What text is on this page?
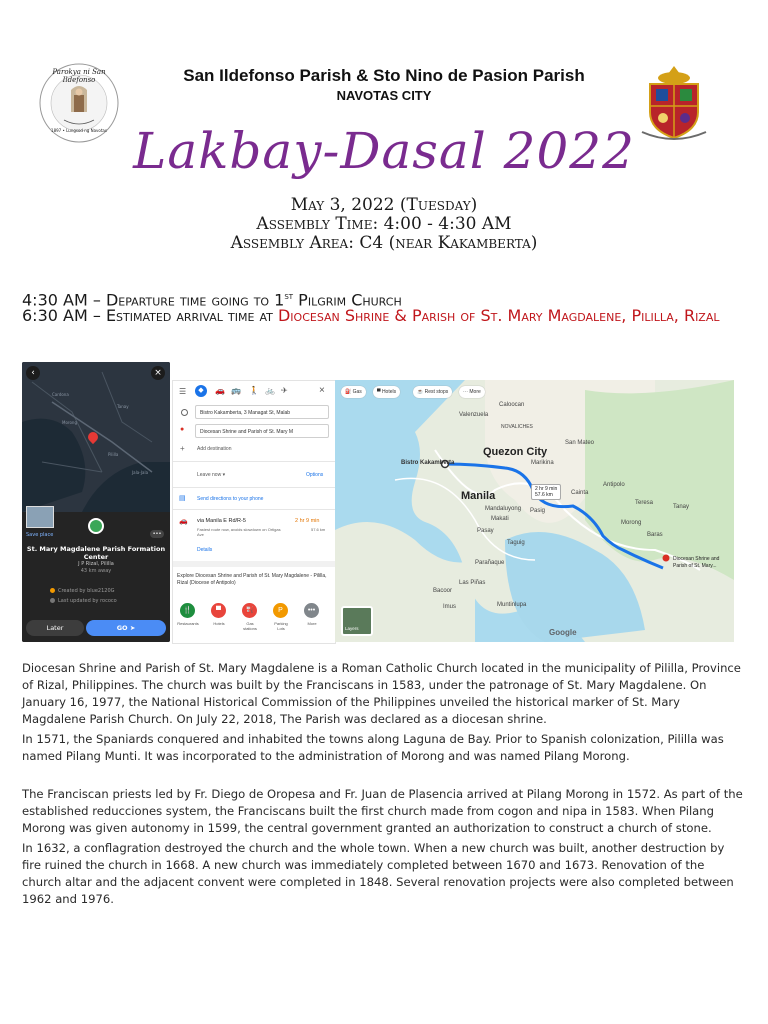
Parokya ni San Ildefonso
1897 • Lungsod ng Navotas
San Ildefonso Parish & Sto Nino de Pasion Parish
NAVOTAS CITY
Lakbay-Dasal 2022
May 3, 2022 (Tuesday)
Assembly Time: 4:00 - 4:30 AM
Assembly Area: C4 (near Kakamberta)
4:30 AM – Departure time going to 1st Pilgrim Church
6:30 AM – Estimated arrival time at Diocesan Shrine & Parish of St. Mary Magdalene, Pililla, Rizal
‹	×
Tanay
Pililla
Jala-Jala
Cardona
Morong
•••
Save place
St. Mary Magdalene Parish Formation Center
J P Rizal, Pililla
43 km away
Created by blue2120G
Last updated by rococo
Later	GO ➤
☰	◆	🚗 🚌 🚶 🚲 ✈	×
Bistro Kakamberta, 3 Managat St, Malab
●	Diocesan Shrine and Parish of St. Mary M
+ Add destination
Leave now ▾	Options
▤ Send directions to your phone
🚗 via Manila E Rd/R-5	2 hr 9 min
Fastest route now, avoids slowdown on Ortigas Ave
57.6 km
Details
Explore Diocesan Shrine and Parish of St. Mary Magdalene - Pililla, Rizal (Diocese of Antipolo)
🍴
Restaurants
▀
Hotels
⛽
Gas stations
P
Parking Lots
•••
More
⛽ Gas	▀ Hotels	☕ Rest stops	⋯ More
Quezon City
Manila
Caloocan
Valenzuela
NOVALICHES
San Mateo
Marikina
Mandaluyong
Makati
Pasig
Pasay
Taguig
Parañaque
Las Piñas
Muntinlupa
Imus
Bacoor
Antipolo
Cainta
Teresa
Morong
Baras
Tanay
Bistro Kakamberta
2 hr 9 min
57.6 km
Diocesan Shrine and
Parish of St. Mary...
Layers	Google

Diocesan Shrine and Parish of St. Mary Magdalene is a Roman Catholic Church located in the municipality of Pililla, Province of Rizal, Philippines. The church was built by the Franciscans in 1583, under the patronage of St. Mary Magdalene. On January 16, 1977, the National Historical Commission of the Philippines unveiled the historical marker of St. Mary Magdalene Parish Church. On July 22, 2018, The Parish was declared as a diocesan shrine.

In 1571, the Spaniards conquered and inhabited the towns along Laguna de Bay. Prior to Spanish colonization, Pililla was named Pilang Munti. It was incorporated to the administration of Morong and was named Pilang Morong.

The Franciscan priests led by Fr. Diego de Oropesa and Fr. Juan de Plasencia arrived at Pilang Morong in 1572. As part of the established reducciones system, the Franciscans built the first church made from cogon and nipa in 1583. When Pilang Morong was given autonomy in 1599, the central government granted an authorization to construct a church of stone.

In 1632, a conflagration destroyed the church and the whole town. When a new church was built, another destruction by fire ruined the church in 1668. A new church was immediately completed between 1670 and 1673. Renovation of the church altar and the adjacent convent were completed in 1848. Several renovation projects were also completed between 1962 and 1976.
